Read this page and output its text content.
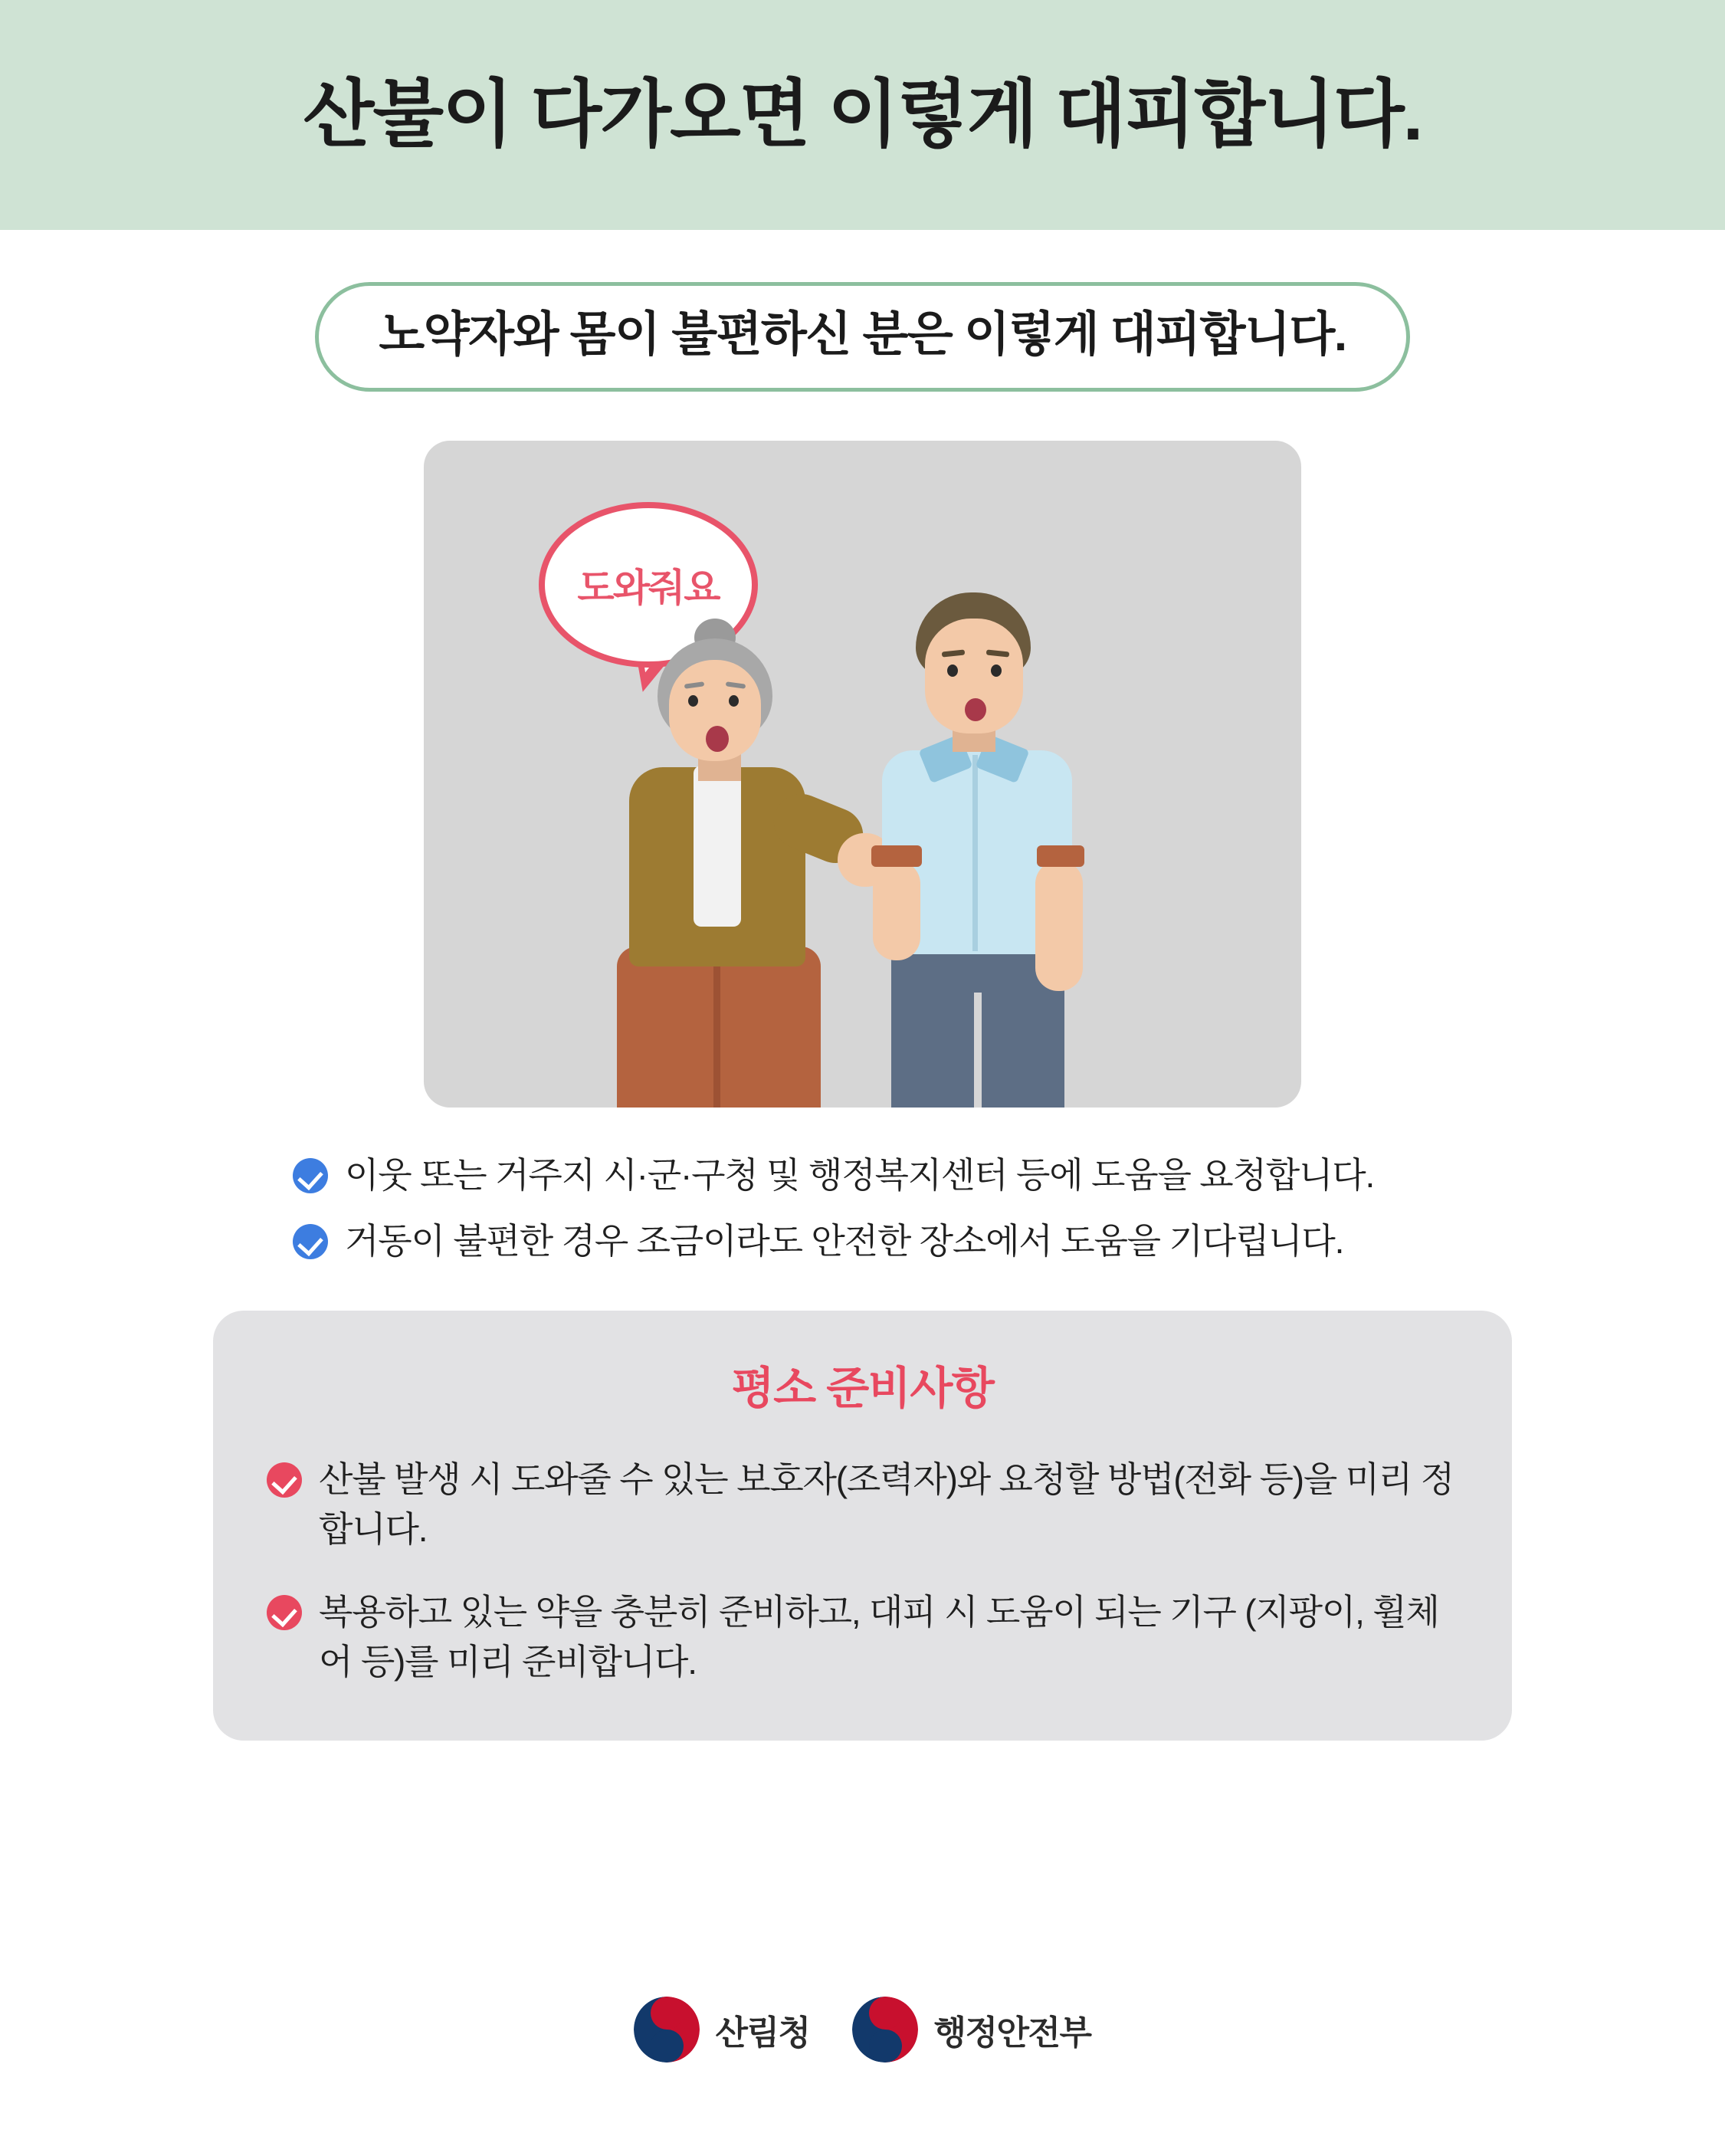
산불이 다가오면 이렇게 대피합니다.
노약자와 몸이 불편하신 분은 이렇게 대피합니다.
도와줘요
이웃 또는 거주지 시·군·구청 및 행정복지센터 등에 도움을 요청합니다.
거동이 불편한 경우 조금이라도 안전한 장소에서 도움을 기다립니다.
평소 준비사항
산불 발생 시 도와줄 수 있는 보호자(조력자)와 요청할 방법(전화 등)을 미리 정합니다.
복용하고 있는 약을 충분히 준비하고, 대피 시 도움이 되는 기구 (지팡이, 휠체어 등)를 미리 준비합니다.
산림청	행정안전부
